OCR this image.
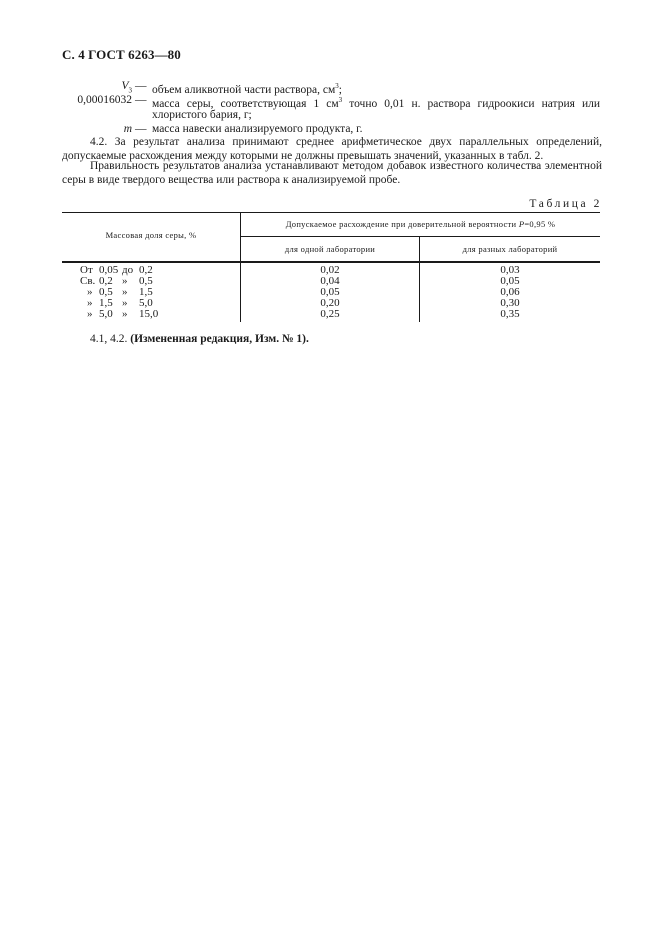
С. 4 ГОСТ 6263—80
$V_3$ — объем аликвотной части раствора, $см^3$;
0,00016032 — масса серы, соответствующая 1 $см^3$ точно 0,01 н. раствора гидроокиси натрия или
хлористого бария, г;
m — масса навески анализируемого продукта, г.
4.2. За результат анализа принимают среднее арифметическое двух параллельных определений, допускаемые расхождения между которыми не должны превышать значений, указанных в табл. 2.
Правильность результатов анализа устанавливают методом добавок известного количества элементной серы в виде твердого вещества или раствора к анализируемой пробе.
Таблица 2
Массовая доля серы, %
Допускаемое расхождение при доверительной вероятности P=0,95 %
для одной лаборатории	для разных лабораторий
От 0,05 до 0,2	0,02	0,03
Св. 0,2 » 0,5	0,04	0,05
» 0,5 » 1,5	0,05	0,06
» 1,5 » 5,0	0,20	0,30
» 5,0 » 15,0	0,25	0,35
4.1, 4.2. (Измененная редакция, Изм. № 1).
